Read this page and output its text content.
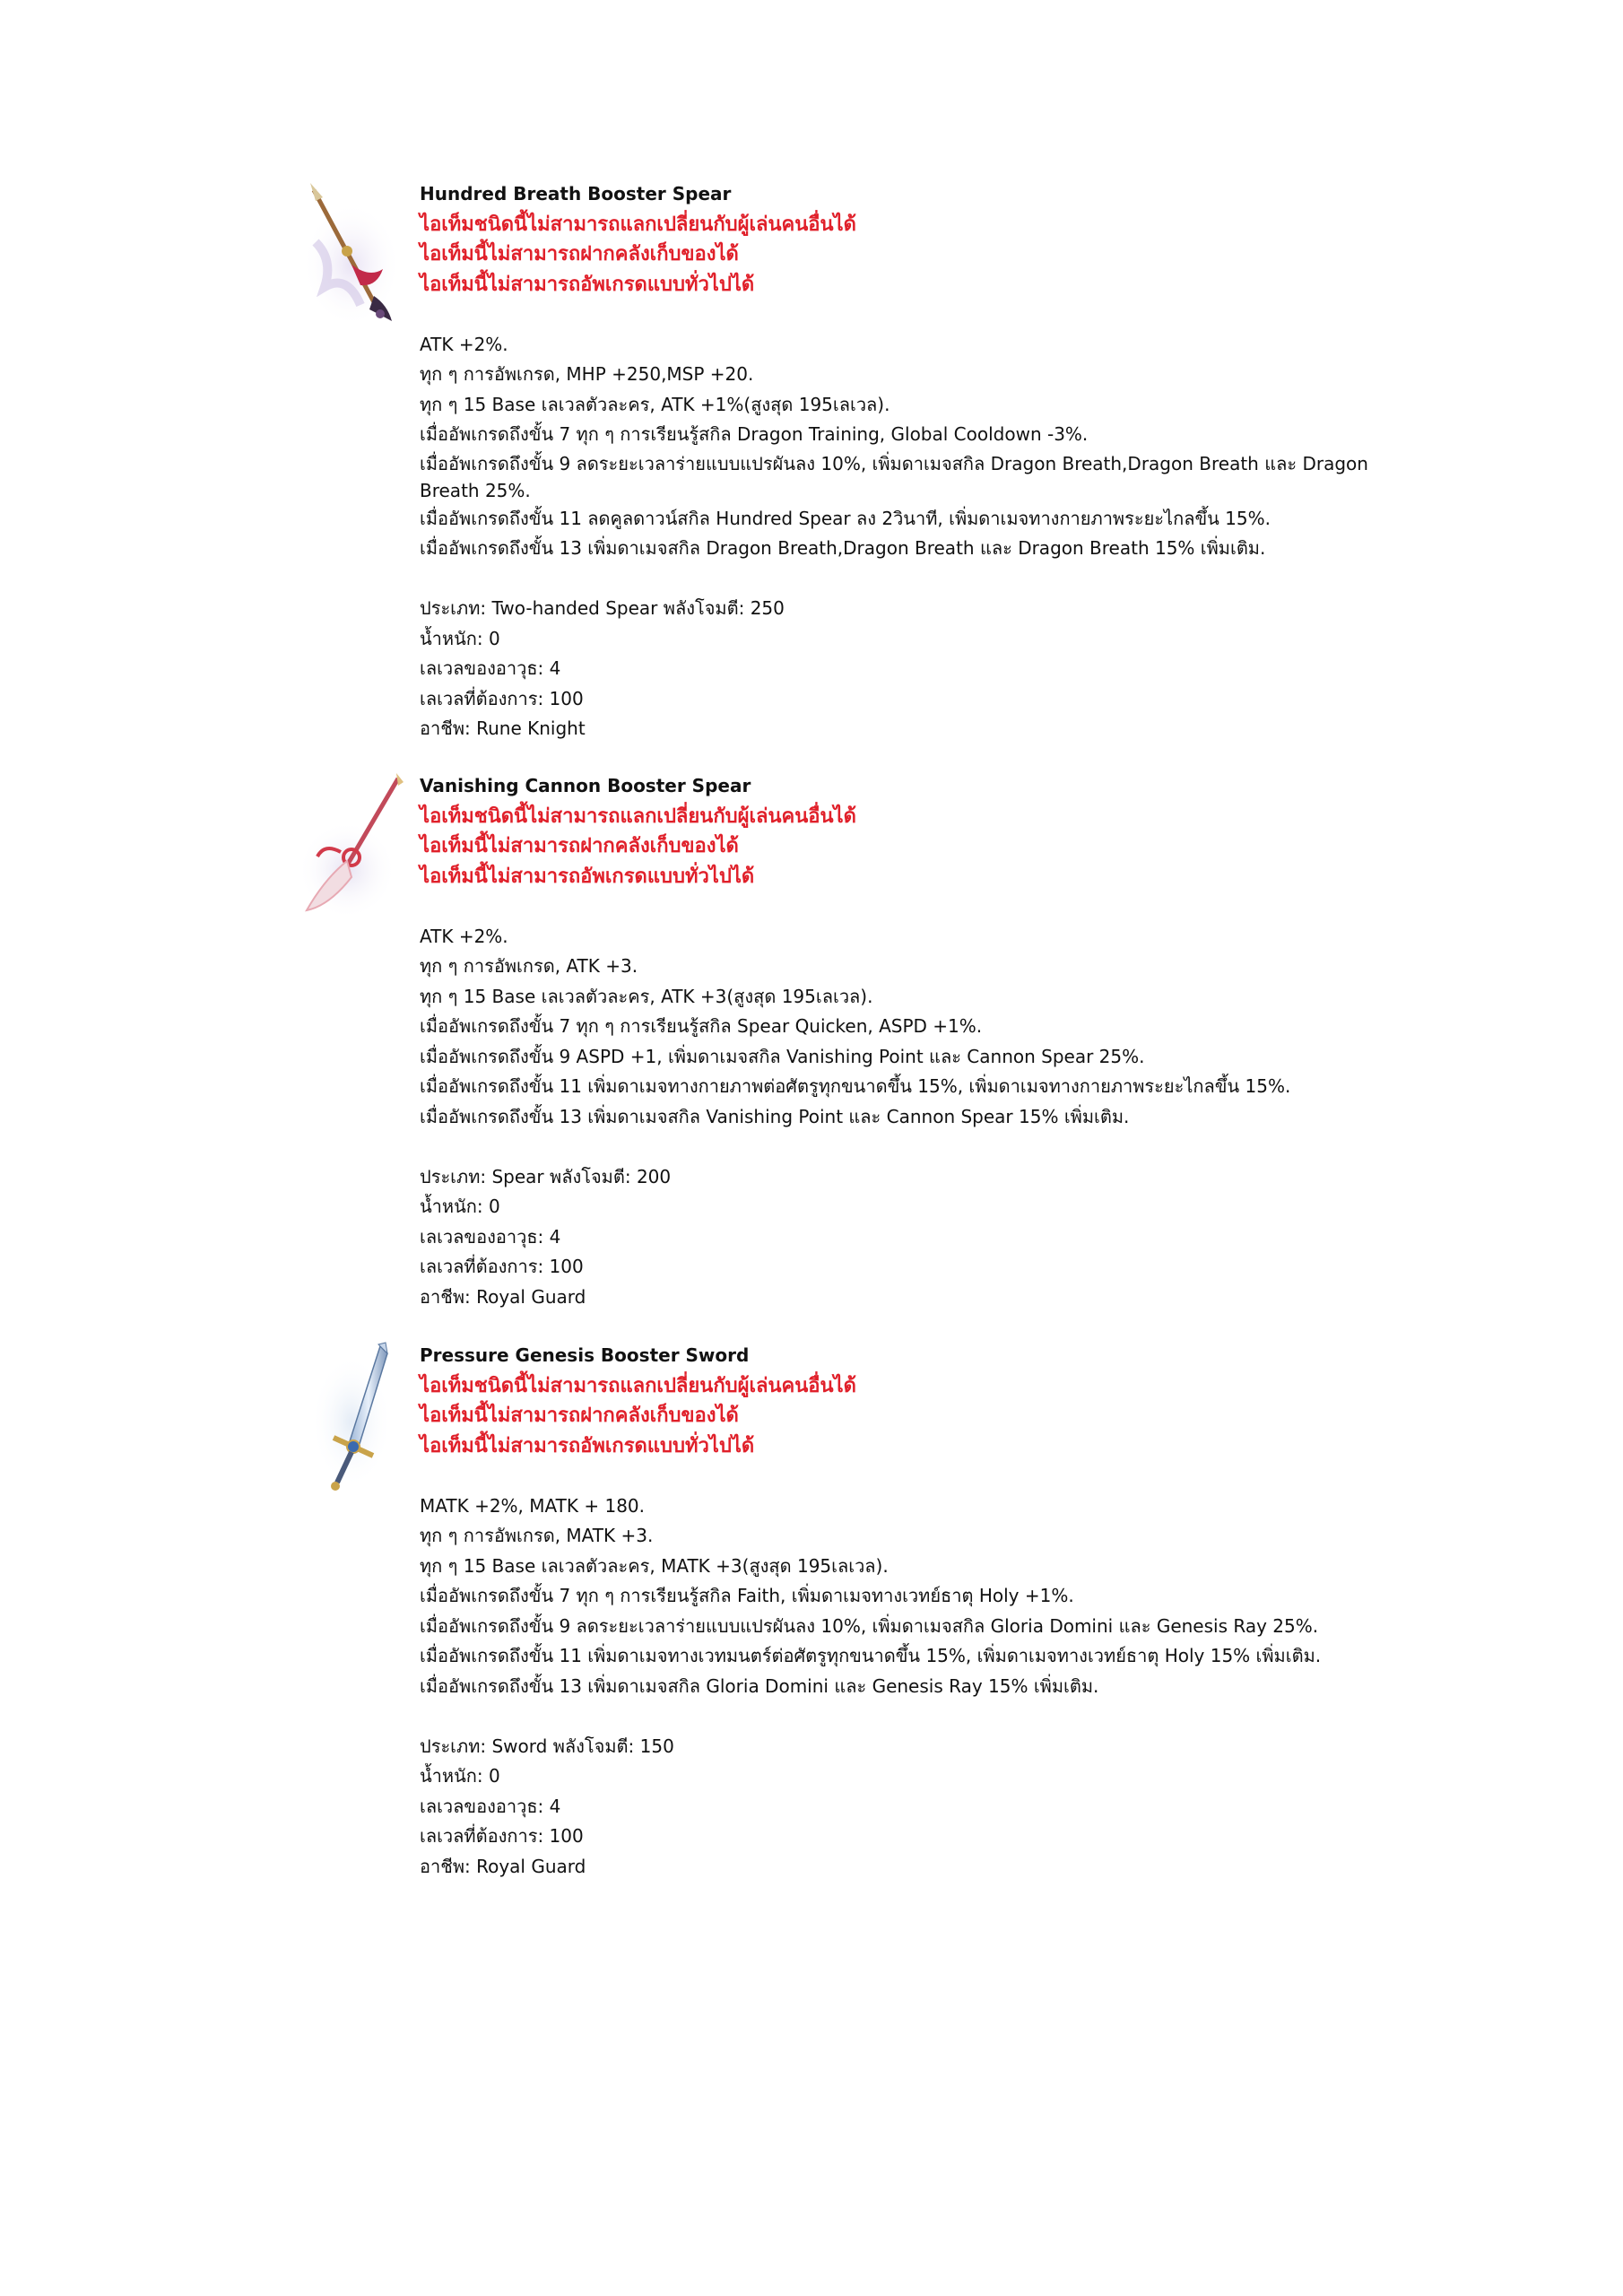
Hundred Breath Booster Spear
ไอเท็มชนิดนี้ไม่สามารถแลกเปลี่ยนกับผู้เล่นคนอื่นได้
ไอเท็มนี้ไม่สามารถฝากคลังเก็บของได้
ไอเท็มนี้ไม่สามารถอัพเกรดแบบทั่วไปได้
ATK +2%.
ทุก ๆ การอัพเกรด, MHP +250,MSP +20.
ทุก ๆ 15 Base เลเวลตัวละคร, ATK +1%(สูงสุด 195เลเวล).
เมื่ออัพเกรดถึงขั้น 7 ทุก ๆ การเรียนรู้สกิล Dragon Training, Global Cooldown -3%.
เมื่ออัพเกรดถึงขั้น 9 ลดระยะเวลาร่ายแบบแปรผันลง 10%, เพิ่มดาเมจสกิล Dragon Breath,Dragon Breath และ Dragon Breath 25%.
เมื่ออัพเกรดถึงขั้น 11 ลดคูลดาวน์สกิล Hundred Spear ลง 2วินาที, เพิ่มดาเมจทางกายภาพระยะไกลขึ้น 15%.
เมื่ออัพเกรดถึงขั้น 13 เพิ่มดาเมจสกิล Dragon Breath,Dragon Breath และ Dragon Breath 15% เพิ่มเติม.
ประเภท: Two-handed Spear พลังโจมตี: 250
น้ำหนัก: 0
เลเวลของอาวุธ: 4
เลเวลที่ต้องการ: 100
อาชีพ: Rune Knight
Vanishing Cannon Booster Spear
ไอเท็มชนิดนี้ไม่สามารถแลกเปลี่ยนกับผู้เล่นคนอื่นได้
ไอเท็มนี้ไม่สามารถฝากคลังเก็บของได้
ไอเท็มนี้ไม่สามารถอัพเกรดแบบทั่วไปได้
ATK +2%.
ทุก ๆ การอัพเกรด, ATK +3.
ทุก ๆ 15 Base เลเวลตัวละคร, ATK +3(สูงสุด 195เลเวล).
เมื่ออัพเกรดถึงขั้น 7 ทุก ๆ การเรียนรู้สกิล Spear Quicken, ASPD +1%.
เมื่ออัพเกรดถึงขั้น 9 ASPD +1, เพิ่มดาเมจสกิล Vanishing Point และ Cannon Spear 25%.
เมื่ออัพเกรดถึงขั้น 11 เพิ่มดาเมจทางกายภาพต่อศัตรูทุกขนาดขึ้น 15%, เพิ่มดาเมจทางกายภาพระยะไกลขึ้น 15%.
เมื่ออัพเกรดถึงขั้น 13 เพิ่มดาเมจสกิล Vanishing Point และ Cannon Spear 15% เพิ่มเติม.
ประเภท: Spear พลังโจมตี: 200
น้ำหนัก: 0
เลเวลของอาวุธ: 4
เลเวลที่ต้องการ: 100
อาชีพ: Royal Guard
Pressure Genesis Booster Sword
ไอเท็มชนิดนี้ไม่สามารถแลกเปลี่ยนกับผู้เล่นคนอื่นได้
ไอเท็มนี้ไม่สามารถฝากคลังเก็บของได้
ไอเท็มนี้ไม่สามารถอัพเกรดแบบทั่วไปได้
MATK +2%, MATK + 180.
ทุก ๆ การอัพเกรด, MATK +3.
ทุก ๆ 15 Base เลเวลตัวละคร, MATK +3(สูงสุด 195เลเวล).
เมื่ออัพเกรดถึงขั้น 7 ทุก ๆ การเรียนรู้สกิล Faith, เพิ่มดาเมจทางเวทย์ธาตุ Holy +1%.
เมื่ออัพเกรดถึงขั้น 9 ลดระยะเวลาร่ายแบบแปรผันลง 10%, เพิ่มดาเมจสกิล Gloria Domini และ Genesis Ray 25%.
เมื่ออัพเกรดถึงขั้น 11 เพิ่มดาเมจทางเวทมนตร์ต่อศัตรูทุกขนาดขึ้น 15%, เพิ่มดาเมจทางเวทย์ธาตุ Holy 15% เพิ่มเติม.
เมื่ออัพเกรดถึงขั้น 13 เพิ่มดาเมจสกิล Gloria Domini และ Genesis Ray 15% เพิ่มเติม.
ประเภท: Sword พลังโจมตี: 150
น้ำหนัก: 0
เลเวลของอาวุธ: 4
เลเวลที่ต้องการ: 100
อาชีพ: Royal Guard
